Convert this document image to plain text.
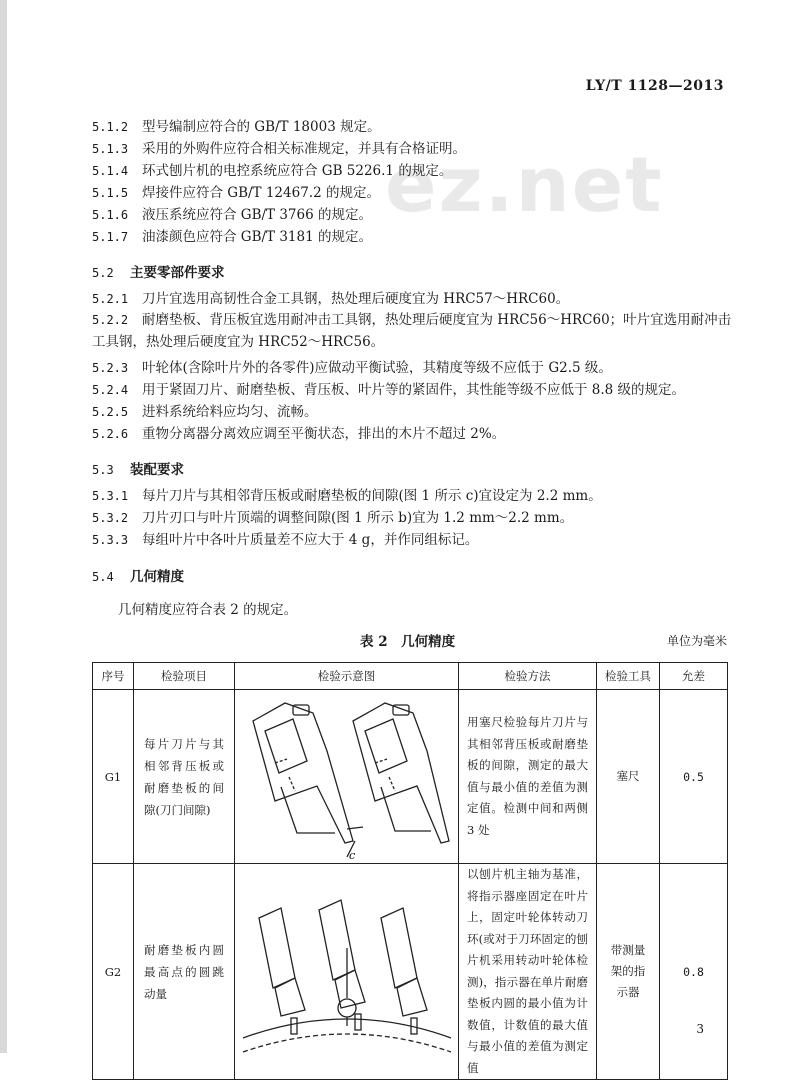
LY/T 1128—2013
ez.net
5.1.2 型号编制应符合的 GB/T 18003 规定。
5.1.3 采用的外购件应符合相关标准规定，并具有合格证明。
5.1.4 环式刨片机的电控系统应符合 GB 5226.1 的规定。
5.1.5 焊接件应符合 GB/T 12467.2 的规定。
5.1.6 液压系统应符合 GB/T 3766 的规定。
5.1.7 油漆颜色应符合 GB/T 3181 的规定。
5.2 主要零部件要求
5.2.1 刀片宜选用高韧性合金工具钢，热处理后硬度宜为 HRC57～HRC60。
5.2.2 耐磨垫板、背压板宜选用耐冲击工具钢，热处理后硬度宜为 HRC56～HRC60；叶片宜选用耐冲击工具钢，热处理后硬度宜为 HRC52～HRC56。
5.2.3 叶轮体(含除叶片外的各零件)应做动平衡试验，其精度等级不应低于 G2.5 级。
5.2.4 用于紧固刀片、耐磨垫板、背压板、叶片等的紧固件，其性能等级不应低于 8.8 级的规定。
5.2.5 进料系统给料应均匀、流畅。
5.2.6 重物分离器分离效应调至平衡状态，排出的木片不超过 2%。
5.3 装配要求
5.3.1 每片刀片与其相邻背压板或耐磨垫板的间隙(图 1 所示 c)宜设定为 2.2 mm。
5.3.2 刀片刃口与叶片顶端的调整间隙(图 1 所示 b)宜为 1.2 mm～2.2 mm。
5.3.3 每组叶片中各叶片质量差不应大于 4 g，并作同组标记。
5.4 几何精度
几何精度应符合表 2 的规定。
表 2　几何精度	单位为毫米
序号	检验项目	检验示意图	检验方法	检验工具	允差
G1	每片刀片与其相邻背压板或耐磨垫板的间隙(刀门间隙)	c	用塞尺检验每片刀片与其相邻背压板或耐磨垫板的间隙，测定的最大值与最小值的差值为测定值。检测中间和两侧 3 处	塞尺	0.5
G2	耐磨垫板内圆最高点的圆跳动量		以刨片机主轴为基准，将指示器座固定在叶片上，固定叶轮体转动刀环(或对于刀环固定的刨片机采用转动叶轮体检测)，指示器在单片耐磨垫板内圆的最小值为计数值，计数值的最大值与最小值的差值为测定值	带测量架的指示器	0.8
3
